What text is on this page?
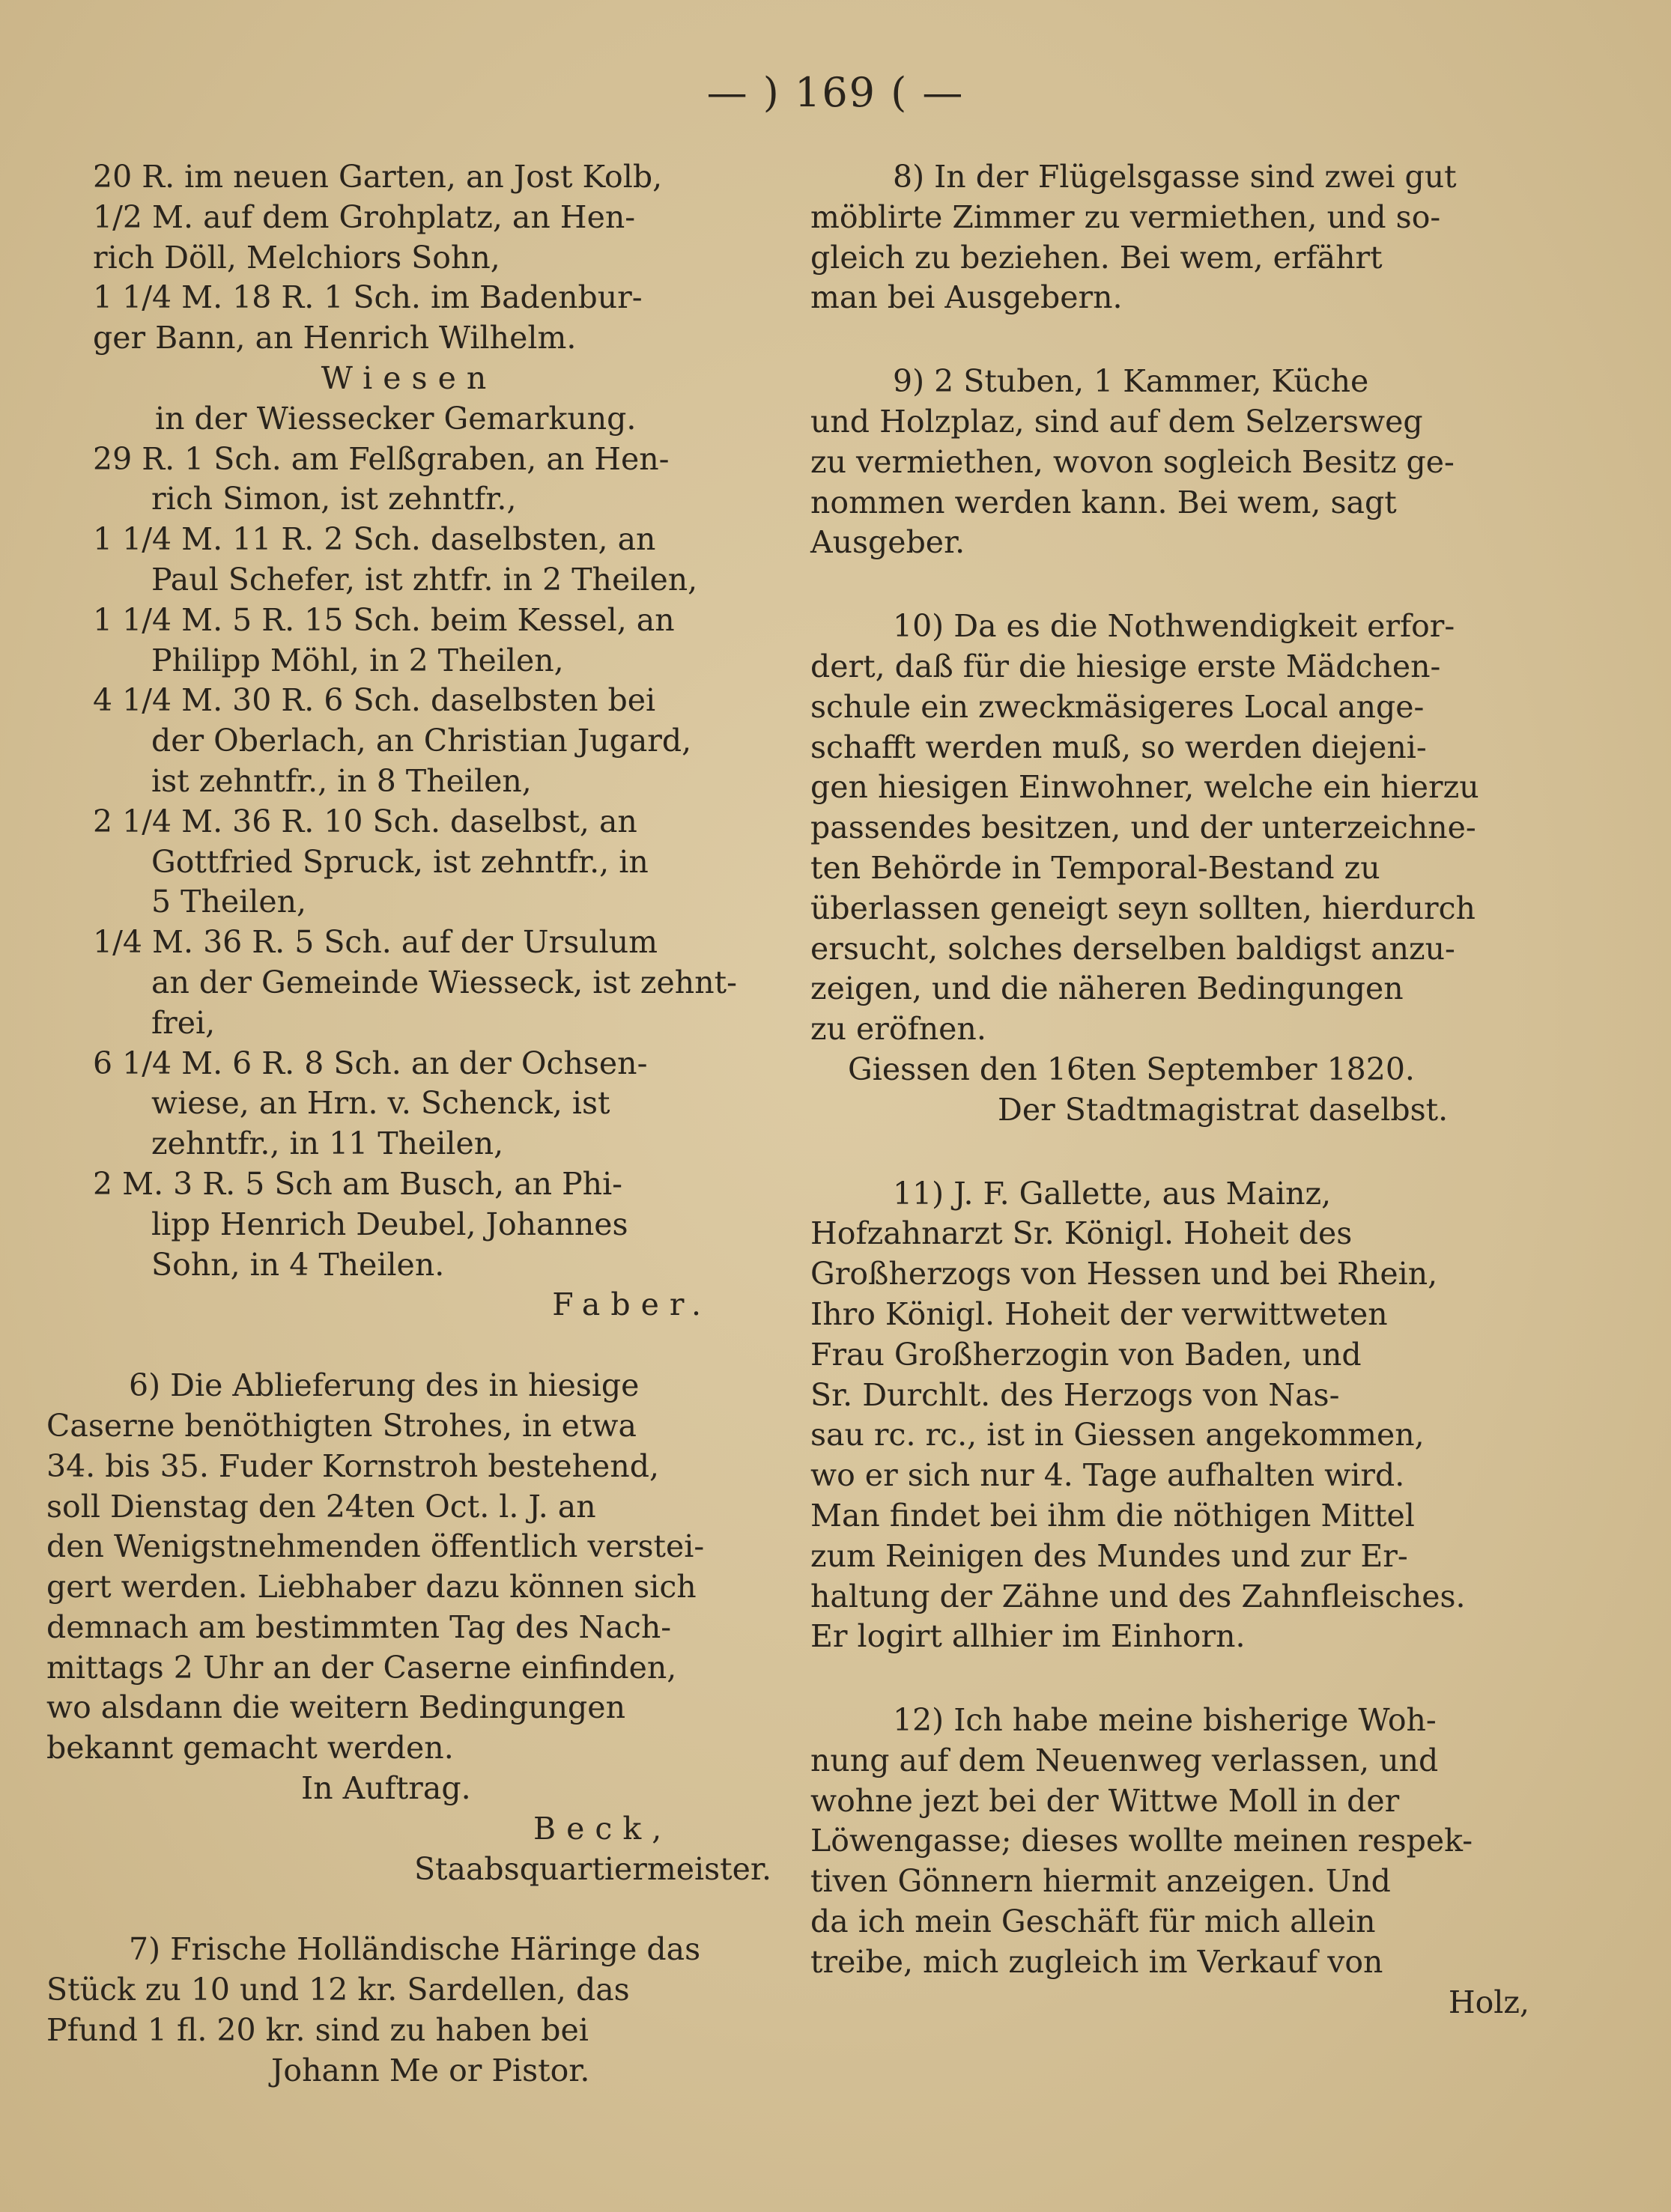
— ) 169 ( —

20 R. im neuen Garten, an Jost Kolb,

1/2 M. auf dem Grohplatz, an Hen-

rich Döll, Melchiors Sohn,

1 1/4 M. 18 R. 1 Sch. im Badenbur-

ger Bann, an Henrich Wilhelm.

Wiesen

in der Wiessecker Gemarkung.

29 R. 1 Sch. am Felßgraben, an Hen-

rich Simon, ist zehntfr.,

1 1/4 M. 11 R. 2 Sch. daselbsten, an

Paul Schefer, ist zhtfr. in 2 Theilen,

1 1/4 M. 5 R. 15 Sch. beim Kessel, an

Philipp Möhl, in 2 Theilen,

4 1/4 M. 30 R. 6 Sch. daselbsten bei

der Oberlach, an Christian Jugard,

ist zehntfr., in 8 Theilen,

2 1/4 M. 36 R. 10 Sch. daselbst, an

Gottfried Spruck, ist zehntfr., in

5 Theilen,

1/4 M. 36 R. 5 Sch. auf der Ursulum

an der Gemeinde Wiesseck, ist zehnt-

frei,

6 1/4 M. 6 R. 8 Sch. an der Ochsen-

wiese, an Hrn. v. Schenck, ist

zehntfr., in 11 Theilen,

2 M. 3 R. 5 Sch am Busch, an Phi-

lipp Henrich Deubel, Johannes

Sohn, in 4 Theilen.

Faber.

6) Die Ablieferung des in hiesige

Caserne benöthigten Strohes, in etwa

34. bis 35. Fuder Kornstroh bestehend,

soll Dienstag den 24ten Oct. l. J. an

den Wenigstnehmenden öffentlich verstei-

gert werden. Liebhaber dazu können sich

demnach am bestimmten Tag des Nach-

mittags 2 Uhr an der Caserne einfinden,

wo alsdann die weitern Bedingungen

bekannt gemacht werden.

In Auftrag.

Beck,

Staabsquartiermeister.

7) Frische Holländische Häringe das

Stück zu 10 und 12 kr. Sardellen, das

Pfund 1 fl. 20 kr. sind zu haben bei

Johann Me or Pistor.

8) In der Flügelsgasse sind zwei gut

möblirte Zimmer zu vermiethen, und so-

gleich zu beziehen. Bei wem, erfährt

man bei Ausgebern.

9) 2 Stuben, 1 Kammer, Küche

und Holzplaz, sind auf dem Selzersweg

zu vermiethen, wovon sogleich Besitz ge-

nommen werden kann. Bei wem, sagt

Ausgeber.

10) Da es die Nothwendigkeit erfor-

dert, daß für die hiesige erste Mädchen-

schule ein zweckmäsigeres Local ange-

schafft werden muß, so werden diejeni-

gen hiesigen Einwohner, welche ein hierzu

passendes besitzen, und der unterzeichne-

ten Behörde in Temporal-Bestand zu

überlassen geneigt seyn sollten, hierdurch

ersucht, solches derselben baldigst anzu-

zeigen, und die näheren Bedingungen

zu eröfnen.

Giessen den 16ten September 1820.

Der Stadtmagistrat daselbst.

11) J. F. Gallette, aus Mainz,

Hofzahnarzt Sr. Königl. Hoheit des

Großherzogs von Hessen und bei Rhein,

Ihro Königl. Hoheit der verwittweten

Frau Großherzogin von Baden, und

Sr. Durchlt. des Herzogs von Nas-

sau rc. rc., ist in Giessen angekommen,

wo er sich nur 4. Tage aufhalten wird.

Man findet bei ihm die nöthigen Mittel

zum Reinigen des Mundes und zur Er-

haltung der Zähne und des Zahnfleisches.

Er logirt allhier im Einhorn.

12) Ich habe meine bisherige Woh-

nung auf dem Neuenweg verlassen, und

wohne jezt bei der Wittwe Moll in der

Löwengasse; dieses wollte meinen respek-

tiven Gönnern hiermit anzeigen. Und

da ich mein Geschäft für mich allein

treibe, mich zugleich im Verkauf von

Holz,
